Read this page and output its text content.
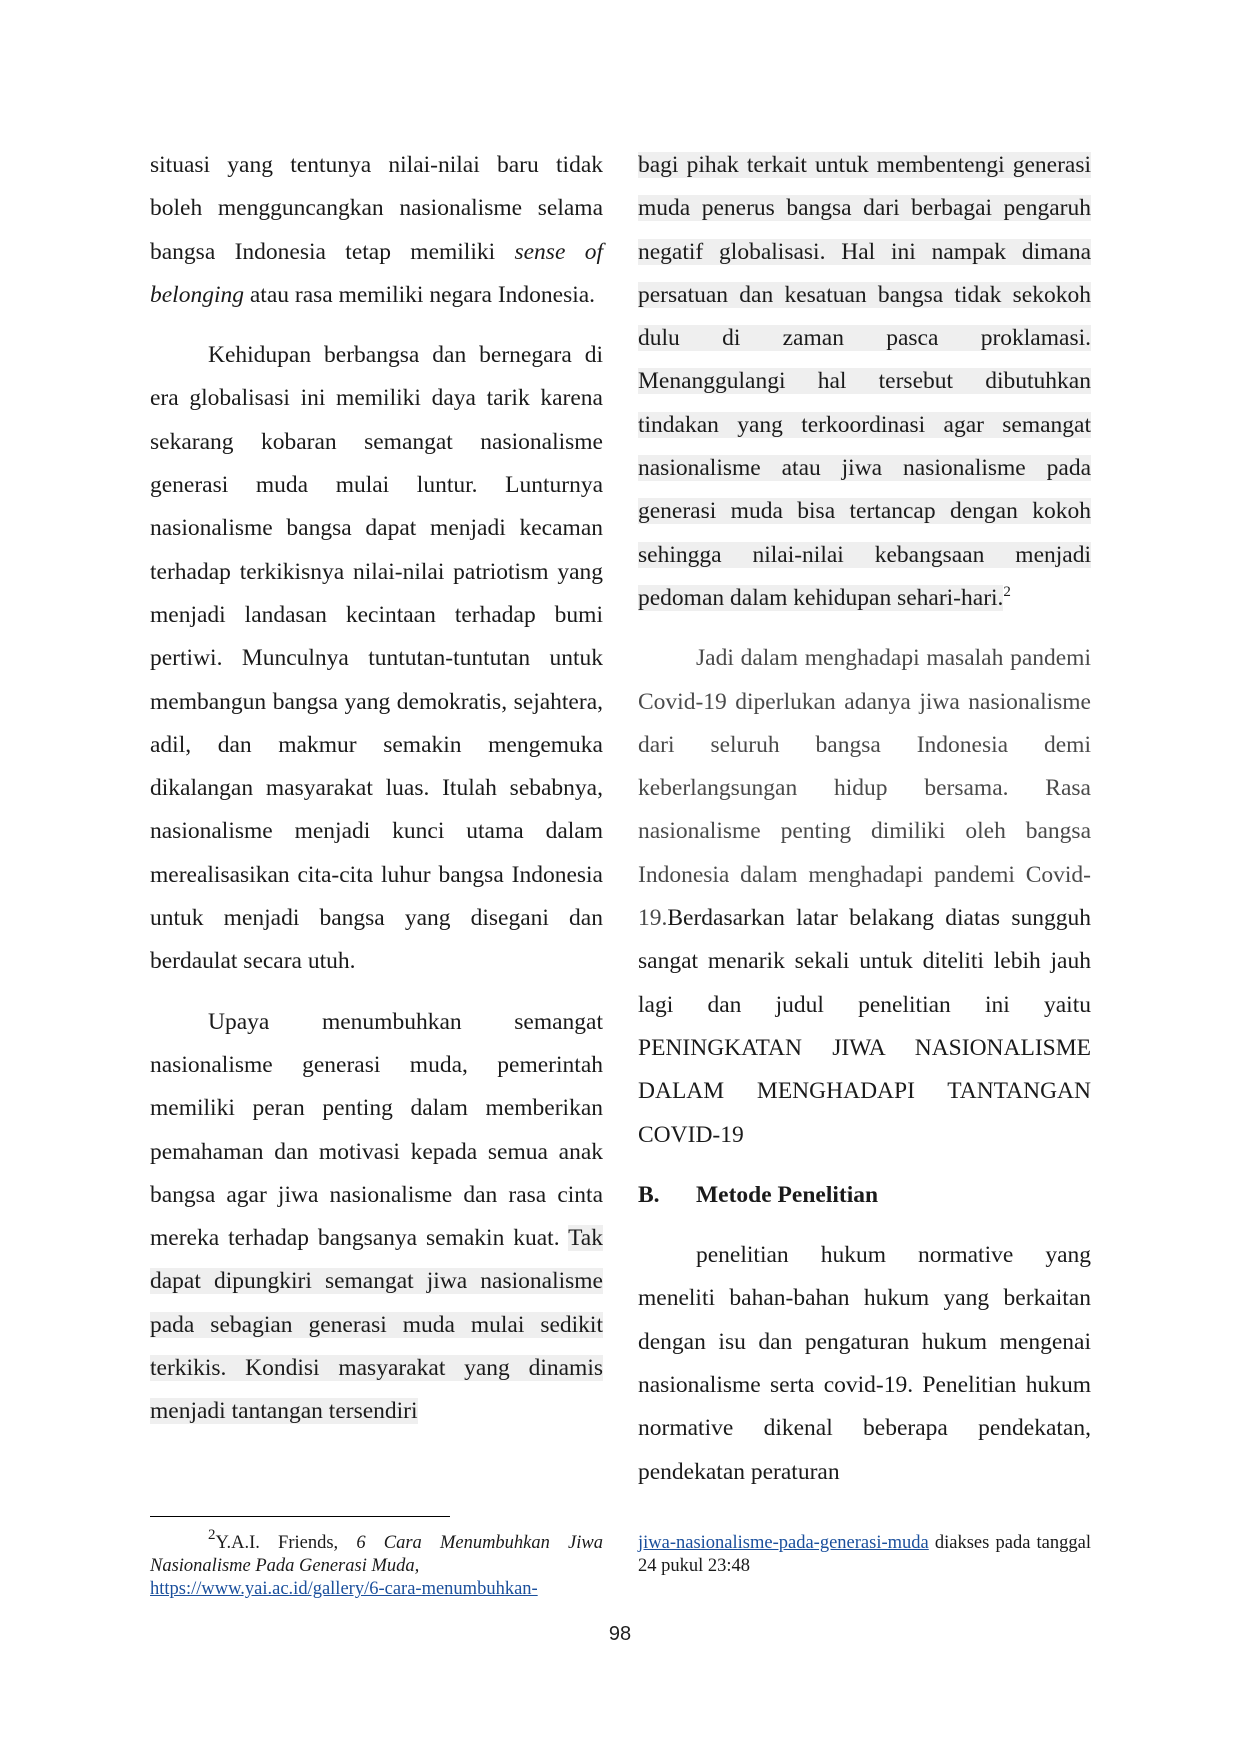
situasi yang tentunya nilai-nilai baru tidak boleh mengguncangkan nasionalisme selama bangsa Indonesia tetap memiliki sense of belonging atau rasa memiliki negara Indonesia.

Kehidupan berbangsa dan bernegara di era globalisasi ini memiliki daya tarik karena sekarang kobaran semangat nasionalisme generasi muda mulai luntur. Lunturnya nasionalisme bangsa dapat menjadi kecaman terhadap terkikisnya nilai-nilai patriotism yang menjadi landasan kecintaan terhadap bumi pertiwi. Munculnya tuntutan-tuntutan untuk membangun bangsa yang demokratis, sejahtera, adil, dan makmur semakin mengemuka dikalangan masyarakat luas. Itulah sebabnya, nasionalisme menjadi kunci utama dalam merealisasikan cita-cita luhur bangsa Indonesia untuk menjadi bangsa yang disegani dan berdaulat secara utuh.

Upaya menumbuhkan semangat nasionalisme generasi muda, pemerintah memiliki peran penting dalam memberikan pemahaman dan motivasi kepada semua anak bangsa agar jiwa nasionalisme dan rasa cinta mereka terhadap bangsanya semakin kuat. Tak dapat dipungkiri semangat jiwa nasionalisme pada sebagian generasi muda mulai sedikit terkikis. Kondisi masyarakat yang dinamis menjadi tantangan tersendiri

bagi pihak terkait untuk membentengi generasi muda penerus bangsa dari berbagai pengaruh negatif globalisasi. Hal ini nampak dimana persatuan dan kesatuan bangsa tidak sekokoh dulu di zaman pasca proklamasi. Menanggulangi hal tersebut dibutuhkan tindakan yang terkoordinasi agar semangat nasionalisme atau jiwa nasionalisme pada generasi muda bisa tertancap dengan kokoh sehingga nilai-nilai kebangsaan menjadi pedoman dalam kehidupan sehari-hari.$^2$

Jadi dalam menghadapi masalah pandemi Covid-19 diperlukan adanya jiwa nasionalisme dari seluruh bangsa Indonesia demi keberlangsungan hidup bersama. Rasa nasionalisme penting dimiliki oleh bangsa Indonesia dalam menghadapi pandemi Covid-19.Berdasarkan latar belakang diatas sungguh sangat menarik sekali untuk diteliti lebih jauh lagi dan judul penelitian ini yaitu PENINGKATAN JIWA NASIONALISME DALAM MENGHADAPI TANTANGAN COVID-19

B. Metode Penelitian

penelitian hukum normative yang meneliti bahan-bahan hukum yang berkaitan dengan isu dan pengaturan hukum mengenai nasionalisme serta covid-19. Penelitian hukum normative dikenal beberapa pendekatan, pendekatan peraturan

$^2$Y.A.I. Friends, 6 Cara Menumbuhkan Jiwa Nasionalisme Pada Generasi Muda,
https://www.yai.ac.id/gallery/6-cara-menumbuhkan-
jiwa-nasionalisme-pada-generasi-muda diakses pada tanggal 24 pukul 23:48
98
